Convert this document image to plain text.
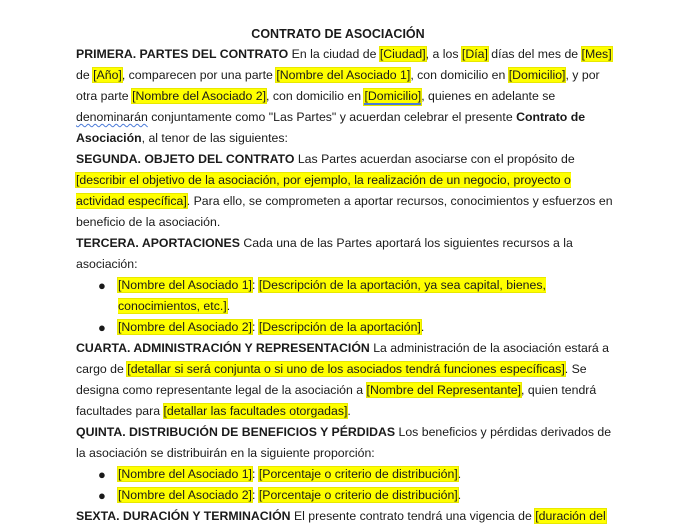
CONTRATO DE ASOCIACIÓN

PRIMERA. PARTES DEL CONTRATO En la ciudad de [Ciudad], a los [Día] días del mes de [Mes] de [Año], comparecen por una parte [Nombre del Asociado 1], con domicilio en [Domicilio], y por otra parte [Nombre del Asociado 2], con domicilio en [Domicilio], quienes en adelante se denominarán conjuntamente como "Las Partes" y acuerdan celebrar el presente Contrato de Asociación, al tenor de las siguientes:

SEGUNDA. OBJETO DEL CONTRATO Las Partes acuerdan asociarse con el propósito de [describir el objetivo de la asociación, por ejemplo, la realización de un negocio, proyecto o actividad específica]. Para ello, se comprometen a aportar recursos, conocimientos y esfuerzos en beneficio de la asociación.

TERCERA. APORTACIONES Cada una de las Partes aportará los siguientes recursos a la asociación:

● [Nombre del Asociado 1]: [Descripción de la aportación, ya sea capital, bienes, conocimientos, etc.].
● [Nombre del Asociado 2]: [Descripción de la aportación].

CUARTA. ADMINISTRACIÓN Y REPRESENTACIÓN La administración de la asociación estará a cargo de [detallar si será conjunta o si uno de los asociados tendrá funciones específicas]. Se designa como representante legal de la asociación a [Nombre del Representante], quien tendrá facultades para [detallar las facultades otorgadas].

QUINTA. DISTRIBUCIÓN DE BENEFICIOS Y PÉRDIDAS Los beneficios y pérdidas derivados de la asociación se distribuirán en la siguiente proporción:

● [Nombre del Asociado 1]: [Porcentaje o criterio de distribución].
● [Nombre del Asociado 2]: [Porcentaje o criterio de distribución].

SEXTA. DURACIÓN Y TERMINACIÓN El presente contrato tendrá una vigencia de [duración del
